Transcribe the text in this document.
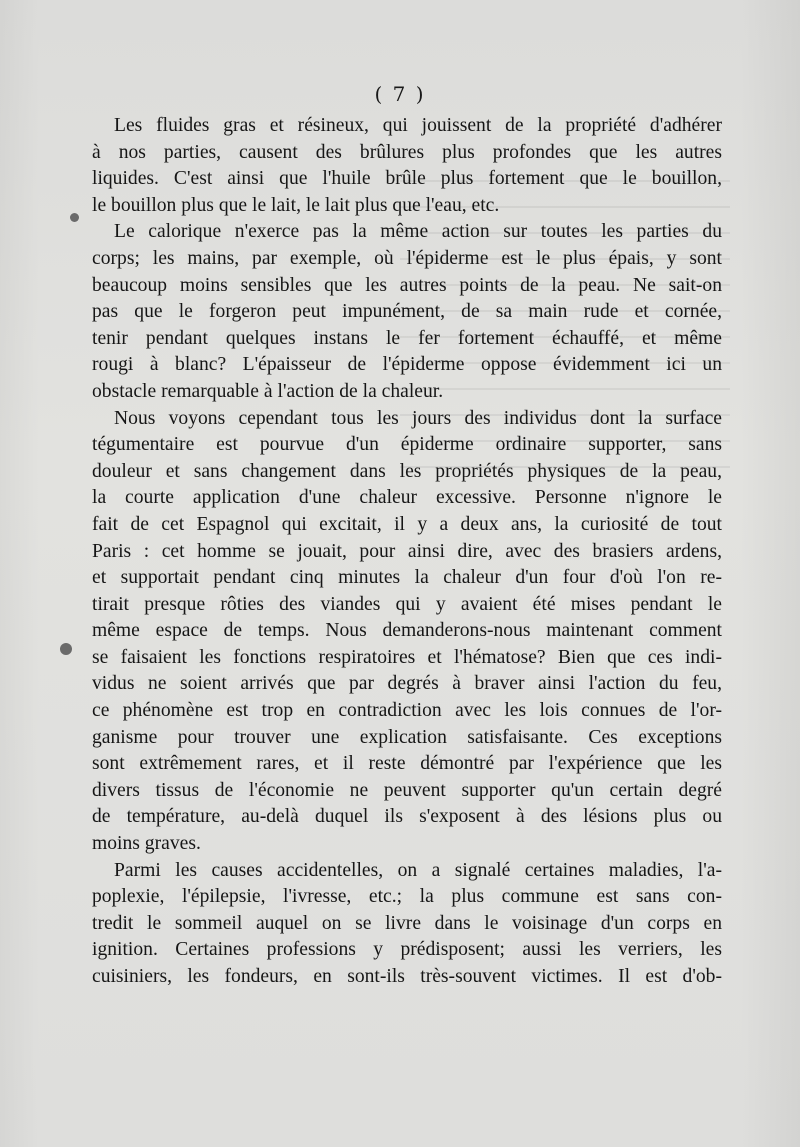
( 7 )
Les fluides gras et résineux, qui jouissent de la propriété d'adhérer
à nos parties, causent des brûlures plus profondes que les autres
liquides. C'est ainsi que l'huile brûle plus fortement que le bouillon,
le bouillon plus que le lait, le lait plus que l'eau, etc.
Le calorique n'exerce pas la même action sur toutes les parties du
corps; les mains, par exemple, où l'épiderme est le plus épais, y sont
beaucoup moins sensibles que les autres points de la peau. Ne sait-on
pas que le forgeron peut impunément, de sa main rude et cornée,
tenir pendant quelques instans le fer fortement échauffé, et même
rougi à blanc? L'épaisseur de l'épiderme oppose évidemment ici un
obstacle remarquable à l'action de la chaleur.
Nous voyons cependant tous les jours des individus dont la surface
tégumentaire est pourvue d'un épiderme ordinaire supporter, sans
douleur et sans changement dans les propriétés physiques de la peau,
la courte application d'une chaleur excessive. Personne n'ignore le
fait de cet Espagnol qui excitait, il y a deux ans, la curiosité de tout
Paris : cet homme se jouait, pour ainsi dire, avec des brasiers ardens,
et supportait pendant cinq minutes la chaleur d'un four d'où l'on re-
tirait presque rôties des viandes qui y avaient été mises pendant le
même espace de temps. Nous demanderons-nous maintenant comment
se faisaient les fonctions respiratoires et l'hématose? Bien que ces indi-
vidus ne soient arrivés que par degrés à braver ainsi l'action du feu,
ce phénomène est trop en contradiction avec les lois connues de l'or-
ganisme pour trouver une explication satisfaisante. Ces exceptions
sont extrêmement rares, et il reste démontré par l'expérience que les
divers tissus de l'économie ne peuvent supporter qu'un certain degré
de température, au-delà duquel ils s'exposent à des lésions plus ou
moins graves.
Parmi les causes accidentelles, on a signalé certaines maladies, l'a-
poplexie, l'épilepsie, l'ivresse, etc.; la plus commune est sans con-
tredit le sommeil auquel on se livre dans le voisinage d'un corps en
ignition. Certaines professions y prédisposent; aussi les verriers, les
cuisiniers, les fondeurs, en sont-ils très-souvent victimes. Il est d'ob-
